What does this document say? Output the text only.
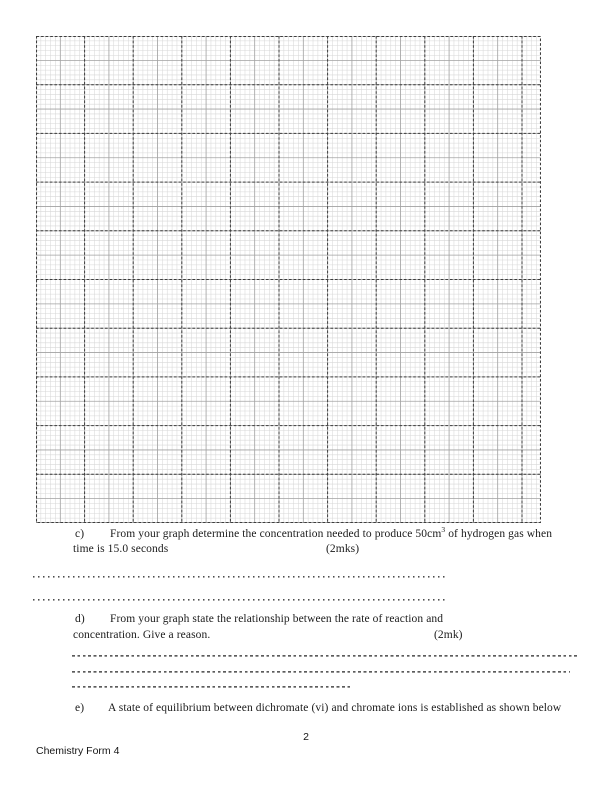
c) From your graph determine the concentration needed to produce $50cm^3$ of hydrogen gas when
time is 15.0 seconds	(2mks)
d) From your graph state the relationship between the rate of reaction and
concentration. Give a reason.	(2mk)
e) A state of equilibrium between dichromate (vi) and chromate ions is established as shown below
2
Chemistry Form 4
